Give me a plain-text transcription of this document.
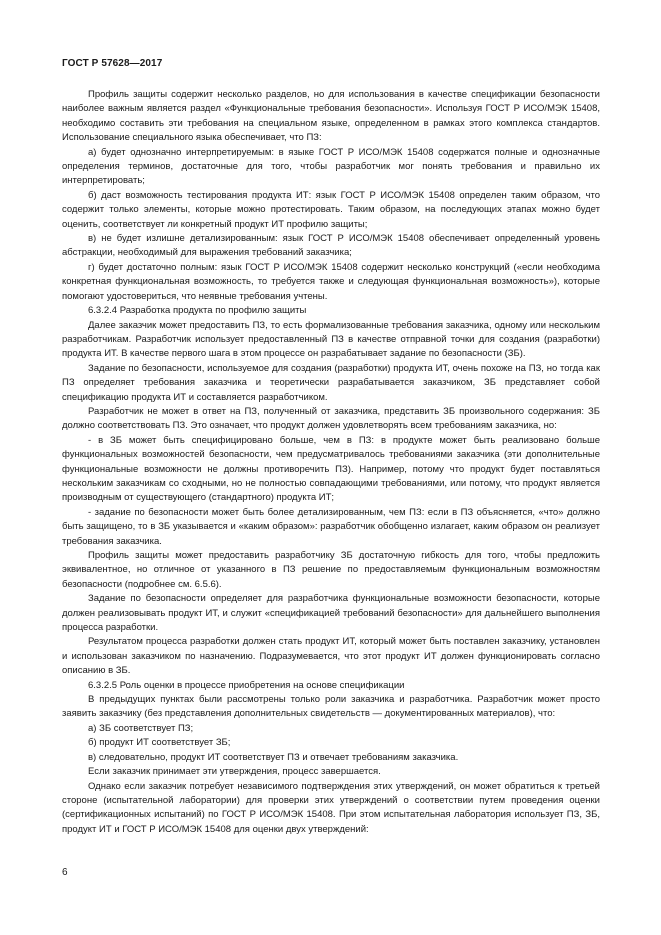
ГОСТ Р 57628—2017

Профиль защиты содержит несколько разделов, но для использования в качестве спецификации безопасности наиболее важным является раздел «Функциональные требования безопасности». Используя ГОСТ Р ИСО/МЭК 15408, необходимо составить эти требования на специальном языке, определенном в рамках этого комплекса стандартов. Использование специального языка обеспечивает, что ПЗ:

а) будет однозначно интерпретируемым: в языке ГОСТ Р ИСО/МЭК 15408 содержатся полные и однозначные определения терминов, достаточные для того, чтобы разработчик мог понять требования и правильно их интерпретировать;

б) даст возможность тестирования продукта ИТ: язык ГОСТ Р ИСО/МЭК 15408 определен таким образом, что содержит только элементы, которые можно протестировать. Таким образом, на последующих этапах можно будет оценить, соответствует ли конкретный продукт ИТ профилю защиты;

в) не будет излишне детализированным: язык ГОСТ Р ИСО/МЭК 15408 обеспечивает определенный уровень абстракции, необходимый для выражения требований заказчика;

г) будет достаточно полным: язык ГОСТ Р ИСО/МЭК 15408 содержит несколько конструкций («если необходима конкретная функциональная возможность, то требуется также и следующая функциональная возможность»), которые помогают удостовериться, что неявные требования учтены.

6.3.2.4 Разработка продукта по профилю защиты

Далее заказчик может предоставить ПЗ, то есть формализованные требования заказчика, одному или нескольким разработчикам. Разработчик использует предоставленный ПЗ в качестве отправной точки для создания (разработки) продукта ИТ. В качестве первого шага в этом процессе он разрабатывает задание по безопасности (ЗБ).

Задание по безопасности, используемое для создания (разработки) продукта ИТ, очень похоже на ПЗ, но тогда как ПЗ определяет требования заказчика и теоретически разрабатывается заказчиком, ЗБ представляет собой спецификацию продукта ИТ и составляется разработчиком.

Разработчик не может в ответ на ПЗ, полученный от заказчика, представить ЗБ произвольного содержания: ЗБ должно соответствовать ПЗ. Это означает, что продукт должен удовлетворять всем требованиям заказчика, но:

- в ЗБ может быть специфицировано больше, чем в ПЗ: в продукте может быть реализовано больше функциональных возможностей безопасности, чем предусматривалось требованиями заказчика (эти дополнительные функциональные возможности не должны противоречить ПЗ). Например, потому что продукт будет поставляться нескольким заказчикам со сходными, но не полностью совпадающими требованиями, или потому, что продукт является производным от существующего (стандартного) продукта ИТ;

- задание по безопасности может быть более детализированным, чем ПЗ: если в ПЗ объясняется, «что» должно быть защищено, то в ЗБ указывается и «каким образом»: разработчик обобщенно излагает, каким образом он реализует требования заказчика.

Профиль защиты может предоставить разработчику ЗБ достаточную гибкость для того, чтобы предложить эквивалентное, но отличное от указанного в ПЗ решение по предоставляемым функциональным возможностям безопасности (подробнее см. 6.5.6).

Задание по безопасности определяет для разработчика функциональные возможности безопасности, которые должен реализовывать продукт ИТ, и служит «спецификацией требований безопасности» для дальнейшего выполнения процесса разработки.

Результатом процесса разработки должен стать продукт ИТ, который может быть поставлен заказчику, установлен и использован заказчиком по назначению. Подразумевается, что этот продукт ИТ должен функционировать согласно описанию в ЗБ.

6.3.2.5 Роль оценки в процессе приобретения на основе спецификации

В предыдущих пунктах были рассмотрены только роли заказчика и разработчика. Разработчик может просто заявить заказчику (без представления дополнительных свидетельств — документированных материалов), что:

а) ЗБ соответствует ПЗ;

б) продукт ИТ соответствует ЗБ;

в) следовательно, продукт ИТ соответствует ПЗ и отвечает требованиям заказчика.

Если заказчик принимает эти утверждения, процесс завершается.

Однако если заказчик потребует независимого подтверждения этих утверждений, он может обратиться к третьей стороне (испытательной лаборатории) для проверки этих утверждений о соответствии путем проведения оценки (сертификационных испытаний) по ГОСТ Р ИСО/МЭК 15408. При этом испытательная лаборатория использует ПЗ, ЗБ, продукт ИТ и ГОСТ Р ИСО/МЭК 15408 для оценки двух утверждений:

6
